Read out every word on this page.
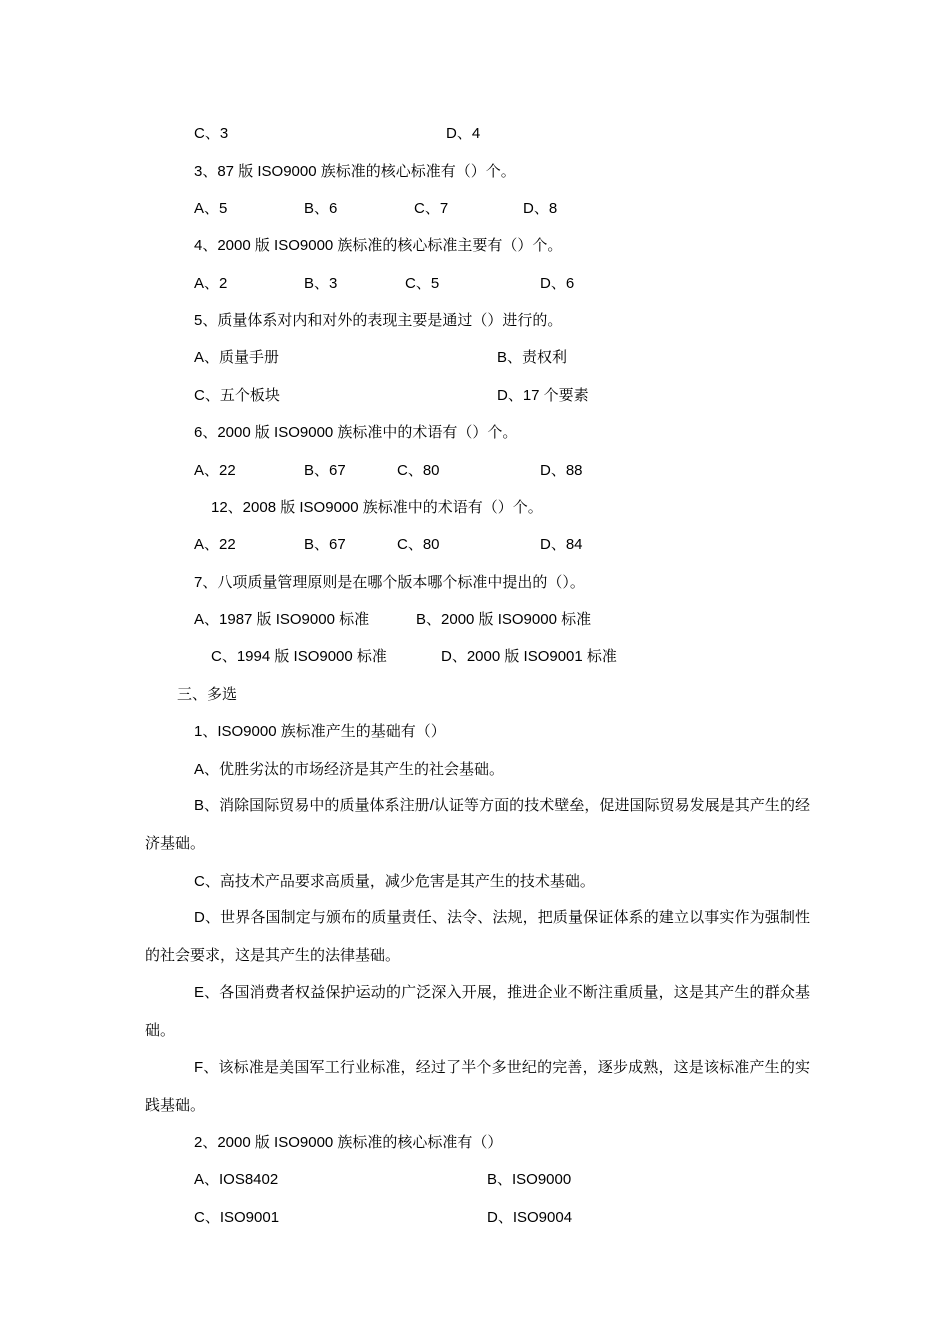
C、3	D、4
3、87 版 ISO9000 族标准的核心标准有（）个。
A、5	B、6	C、7	D、8
4、2000 版 ISO9000 族标准的核心标准主要有（）个。
A、2	B、3	C、5	D、6
5、质量体系对内和对外的表现主要是通过（）进行的。
A、质量手册	B、责权利
C、五个板块	D、17 个要素
6、2000 版 ISO9000 族标准中的术语有（）个。
A、22	B、67	C、80	D、88
12、2008 版 ISO9000 族标准中的术语有（）个。
A、22	B、67	C、80	D、84
7、八项质量管理原则是在哪个版本哪个标准中提出的（）。
A、1987 版 ISO9000 标准	B、2000 版 ISO9000 标准
C、1994 版 ISO9000 标准	D、2000 版 ISO9001 标准
三、多选
1、ISO9000 族标准产生的基础有（）
A、优胜劣汰的市场经济是其产生的社会基础。
B、消除国际贸易中的质量体系注册/认证等方面的技术壁垒，促进国际贸易发展是其产生的经济基础。
C、高技术产品要求高质量，减少危害是其产生的技术基础。
D、世界各国制定与颁布的质量责任、法令、法规，把质量保证体系的建立以事实作为强制性的社会要求，这是其产生的法律基础。
E、各国消费者权益保护运动的广泛深入开展，推进企业不断注重质量，这是其产生的群众基础。
F、该标准是美国军工行业标准，经过了半个多世纪的完善，逐步成熟，这是该标准产生的实践基础。
2、2000 版 ISO9000 族标准的核心标准有（）
A、IOS8402	B、ISO9000
C、ISO9001	D、ISO9004
